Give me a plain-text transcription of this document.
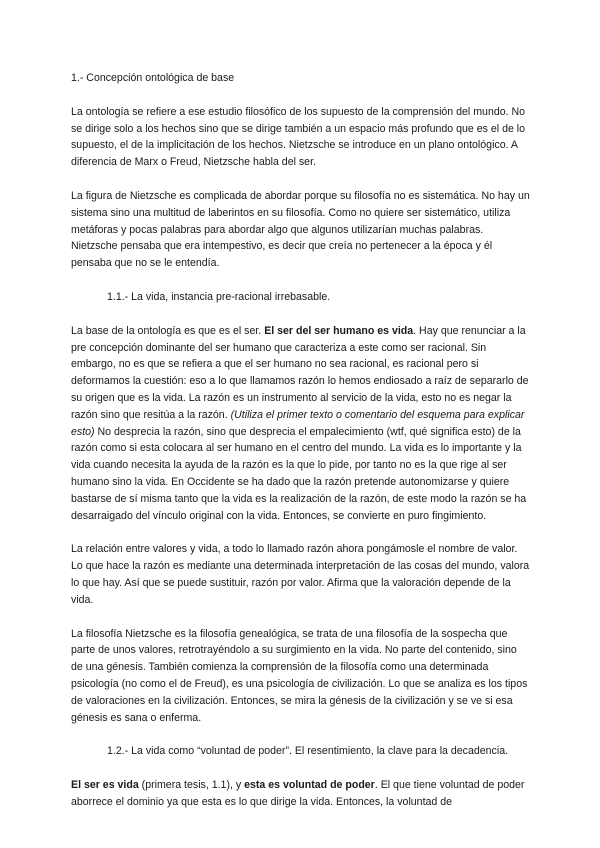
1.- Concepción ontológica de base

La ontología se refiere a ese estudio filosófico de los supuesto de la comprensión del mundo. No se dirige solo a los hechos sino que se dirige también a un espacio más profundo que es el de lo supuesto, el de la implicitación de los hechos. Nietzsche se introduce en un plano ontológico. A diferencia de Marx o Freud, Nietzsche habla del ser.

La figura de Nietzsche es complicada de abordar porque su filosofía no es sistemática. No hay un sistema sino una multitud de laberintos en su filosofía. Como no quiere ser sistemático, utiliza metáforas y pocas palabras para abordar algo que algunos utilizarían muchas palabras. Nietzsche pensaba que era intempestivo, es decir que creía no pertenecer a la época y él pensaba que no se le entendía.

1.1.- La vida, instancia pre-racional irrebasable.

La base de la ontología es que es el ser. El ser del ser humano es vida. Hay que renunciar a la pre concepción dominante del ser humano que caracteriza a este como ser racional. Sin embargo, no es que se refiera a que el ser humano no sea racional, es racional pero si deformamos la cuestión: eso a lo que llamamos razón lo hemos endiosado a raíz de separarlo de su origen que es la vida. La razón es un instrumento al servicio de la vida, esto no es negar la razón sino que resitúa a la razón. (Utiliza el primer texto o comentario del esquema para explicar esto) No desprecia la razón, sino que desprecia el empalecimiento (wtf, qué significa esto) de la razón como si esta colocara al ser humano en el centro del mundo. La vida es lo importante y la vida cuando necesita la ayuda de la razón es la que lo pide, por tanto no es la que rige al ser humano sino la vida. En Occidente se ha dado que la razón pretende autonomizarse y quiere bastarse de sí misma tanto que la vida es la realización de la razón, de este modo la razón se ha desarraigado del vínculo original con la vida. Entonces, se convierte en puro fingimiento.

La relación entre valores y vida, a todo lo llamado razón ahora pongámosle el nombre de valor. Lo que hace la razón es mediante una determinada interpretación de las cosas del mundo, valora lo que hay. Así que se puede sustituir, razón por valor. Afirma que la valoración depende de la vida.

La filosofía Nietzsche es la filosofía genealógica, se trata de una filosofía de la sospecha que parte de unos valores, retrotrayéndolo a su surgimiento en la vida. No parte del contenido, sino de una génesis. También comienza la comprensión de la filosofía como una determinada psicología (no como el de Freud), es una psicología de civilización. Lo que se analiza es los tipos de valoraciones en la civilización. Entonces, se mira la génesis de la civilización y se ve si esa génesis es sana o enferma.

1.2.- La vida como “voluntad de poder”. El resentimiento, la clave para la decadencia.

El ser es vida (primera tesis, 1.1), y esta es voluntad de poder. El que tiene voluntad de poder aborrece el dominio ya que esta es lo que dirige la vida. Entonces, la voluntad de
